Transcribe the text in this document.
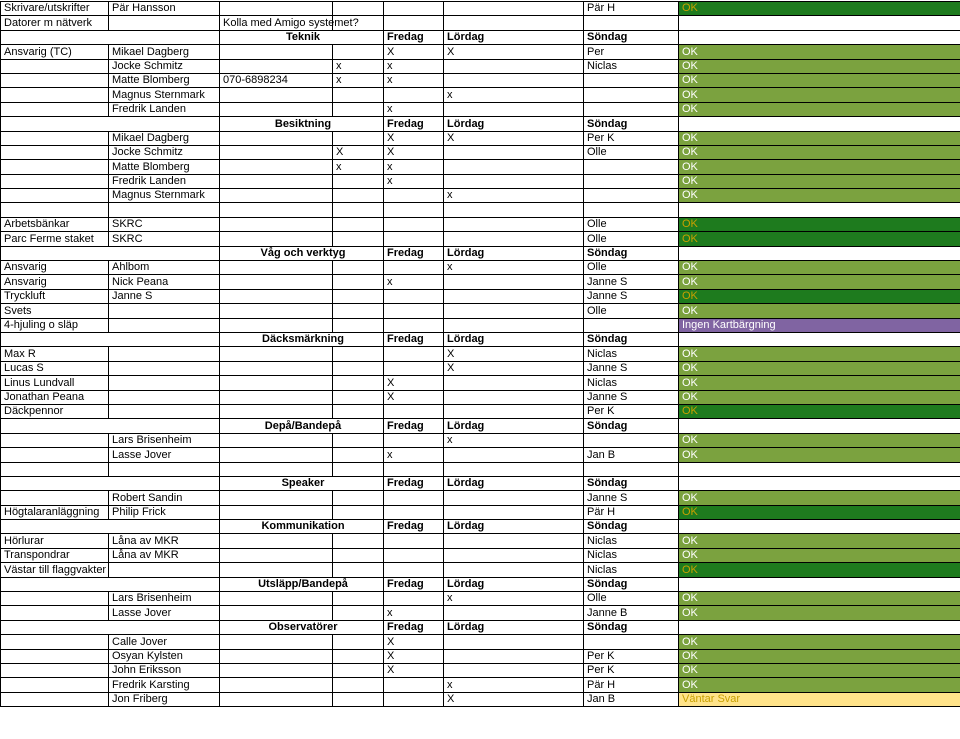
Skrivare/utskrifter	Pär Hansson					Pär H	OK
Datorer m nätverk		Kolla med Amigo systemet?					
		Teknik		Fredag	Lördag	Söndag	
Ansvarig (TC)	Mikael Dagberg			X	X	Per	OK
	Jocke Schmitz		x	x		Niclas	OK
	Matte Blomberg	070-6898234	x	x			OK
	Magnus Sternmark				x		OK
	Fredrik Landen			x			OK
		Besiktning		Fredag	Lördag	Söndag	
	Mikael Dagberg			X	X	Per K	OK
	Jocke Schmitz		X	X		Olle	OK
	Matte Blomberg		x	x			OK
	Fredrik Landen			x			OK
	Magnus Sternmark				x		OK

Arbetsbänkar	SKRC					Olle	OK
Parc Ferme staket	SKRC					Olle	OK
		Våg och verktyg		Fredag	Lördag	Söndag	
Ansvarig	Ahlbom				x	Olle	OK
Ansvarig	Nick Peana			x		Janne S	OK
Tryckluft	Janne S					Janne S	OK
Svets						Olle	OK
4-hjuling o släp							Ingen Kartbärgning
		Däcksmärkning		Fredag	Lördag	Söndag	
Max R					X	Niclas	OK
Lucas S					X	Janne S	OK
Linus Lundvall				X		Niclas	OK
Jonathan Peana				X		Janne S	OK
Däckpennor						Per K	OK
		Depå/Bandepå		Fredag	Lördag	Söndag	
	Lars Brisenheim				x		OK
	Lasse Jover			x		Jan B	OK

		Speaker		Fredag	Lördag	Söndag	
	Robert Sandin					Janne S	OK
Högtalaranläggning	Philip Frick					Pär H	OK
		Kommunikation		Fredag	Lördag	Söndag	
Hörlurar	Låna av MKR					Niclas	OK
Transpondrar	Låna av MKR					Niclas	OK
Västar till flaggvakter						Niclas	OK
		Utsläpp/Bandepå		Fredag	Lördag	Söndag	
	Lars Brisenheim				x	Olle	OK
	Lasse Jover			x		Janne B	OK
		Observatörer		Fredag	Lördag	Söndag	
	Calle Jover			X			OK
	Osyan Kylsten			X		Per K	OK
	John Eriksson			X		Per K	OK
	Fredrik Karsting				x	Pär H	OK
	Jon Friberg				X	Jan B	Väntar Svar
